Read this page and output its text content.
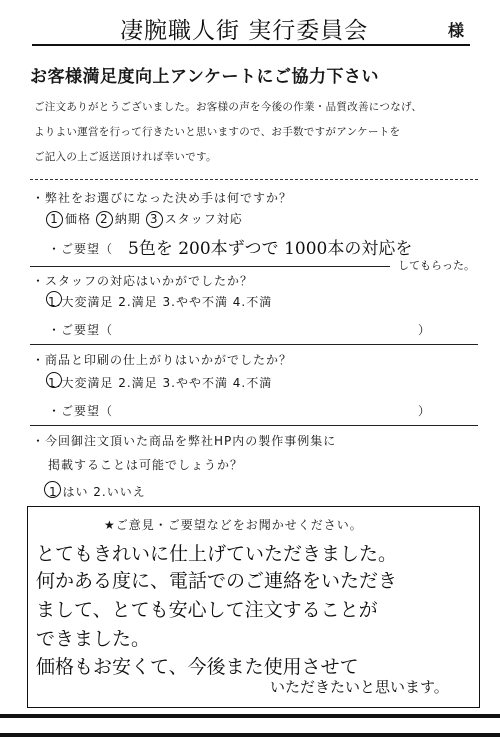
凄腕職人街 実行委員会	様
お客様満足度向上アンケートにご協力下さい
ご注文ありがとうございました。お客様の声を今後の作業・品質改善につなげ、
よりよい運営を行って行きたいと思いますので、お手数ですがアンケートを
ご記入の上ご返送頂ければ幸いです。
・弊社をお選びになった決め手は何ですか？
1 価格 2 納期 3 スタッフ対応
・ご要望（ 5色を 200本ずつで 1000本の対応を
してもらった。
・スタッフの対応はいかがでしたか？
1.大変満足 2.満足 3.やや不満 4.不満
・ご要望（	）
・商品と印刷の仕上がりはいかがでしたか？
1.大変満足 2.満足 3.やや不満 4.不満
・ご要望（	）
・今回御注文頂いた商品を弊社HP内の製作事例集に
掲載することは可能でしょうか？
1 はい 2.いいえ
★ご意見・ご要望などをお聞かせください。
とてもきれいに仕上げていただきました。
何かある度に、電話でのご連絡をいただき
まして、とても安心して注文することが
できました。
価格もお安くて、今後また使用させて
いただきたいと思います。
